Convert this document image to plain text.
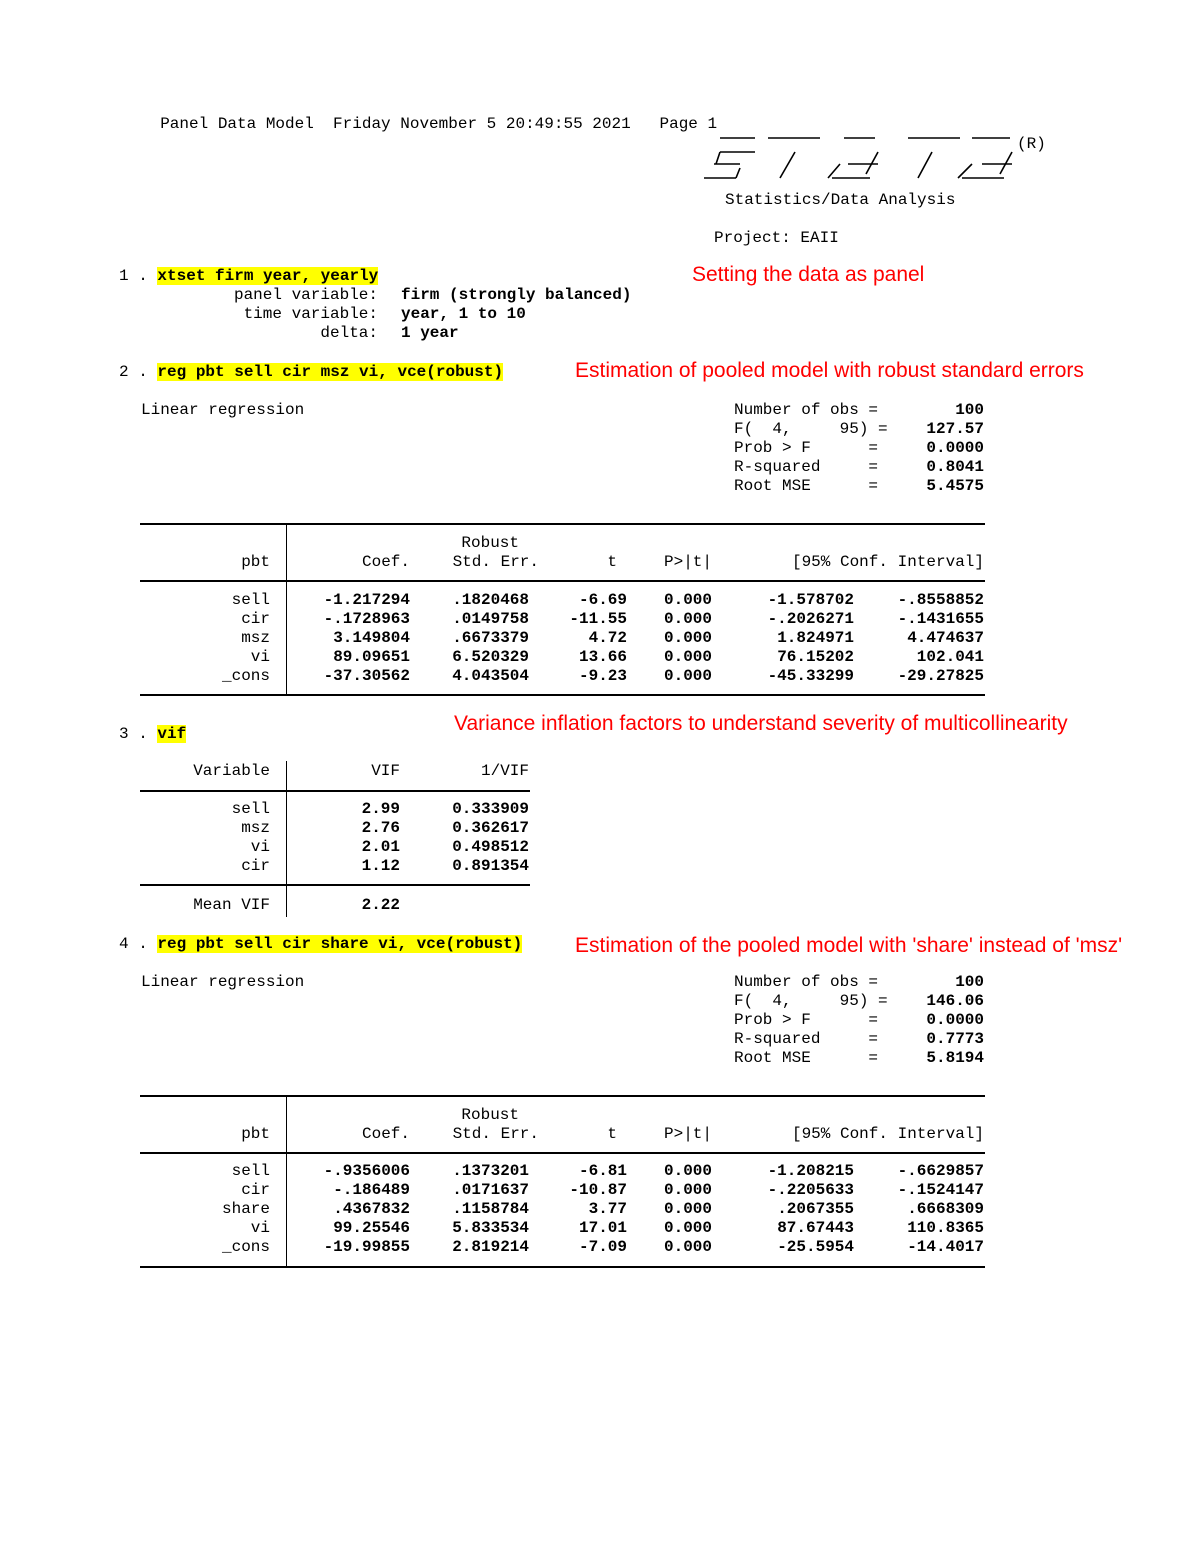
Panel Data Model Friday November 5 20:49:55 2021 Page 1

(R)
Statistics/Data Analysis
Project: EAII
1 . xtset firm year, yearly	Setting the data as panel
panel variable: firm (strongly balanced)
time variable: year, 1 to 10
delta: 1 year
2 . reg pbt sell cir msz vi, vce(robust)	Estimation of pooled model with robust standard errors
Linear regression	Number of obs =	100
F(  4,     95) =	127.57
Prob > F      =	0.0000
R-squared     =	0.8041
Root MSE      =	5.4575
Robust
pbt	Coef.	Std. Err.	t	P>|t|	[95% Conf. Interval]
sell	-1.217294	.1820468	-6.69	0.000	-1.578702	-.8558852
cir	-.1728963	.0149758	-11.55	0.000	-.2026271	-.1431655
msz	3.149804	.6673379	4.72	0.000	1.824971	4.474637
vi	89.09651	6.520329	13.66	0.000	76.15202	102.041
_cons	-37.30562	4.043504	-9.23	0.000	-45.33299	-29.27825
3 . vif	Variance inflation factors to understand severity of multicollinearity
Variable	VIF	1/VIF
sell	2.99	0.333909
msz	2.76	0.362617
vi	2.01	0.498512
cir	1.12	0.891354
Mean VIF	2.22
4 . reg pbt sell cir share vi, vce(robust)	Estimation of the pooled model with 'share' instead of 'msz'
Linear regression	Number of obs =	100
F(  4,     95) =	146.06
Prob > F      =	0.0000
R-squared     =	0.7773
Root MSE      =	5.8194
Robust
pbt	Coef.	Std. Err.	t	P>|t|	[95% Conf. Interval]
sell	-.9356006	.1373201	-6.81	0.000	-1.208215	-.6629857
cir	-.186489	.0171637	-10.87	0.000	-.2205633	-.1524147
share	.4367832	.1158784	3.77	0.000	.2067355	.6668309
vi	99.25546	5.833534	17.01	0.000	87.67443	110.8365
_cons	-19.99855	2.819214	-7.09	0.000	-25.5954	-14.4017
